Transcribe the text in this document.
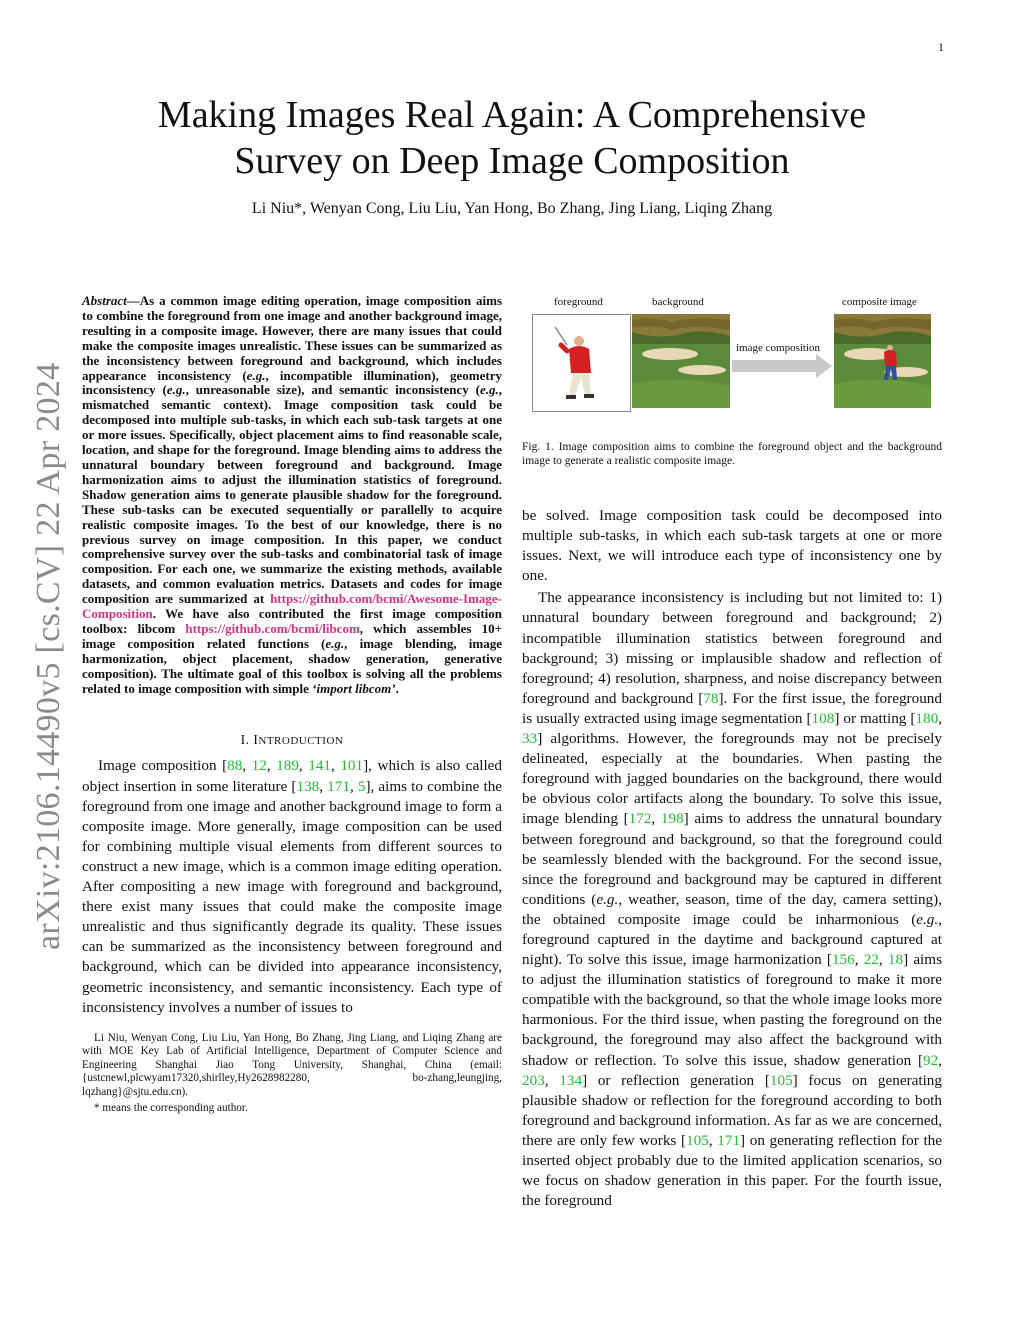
1
arXiv:2106.14490v5 [cs.CV] 22 Apr 2024
Making Images Real Again: A Comprehensive
Survey on Deep Image Composition
Li Niu*, Wenyan Cong, Liu Liu, Yan Hong, Bo Zhang, Jing Liang, Liqing Zhang

Abstract—As a common image editing operation, image composition aims to combine the foreground from one image and another background image, resulting in a composite image. However, there are many issues that could make the composite images unrealistic. These issues can be summarized as the inconsistency between foreground and background, which includes appearance inconsistency (e.g., incompatible illumination), geometry inconsistency (e.g., unreasonable size), and semantic inconsistency (e.g., mismatched semantic context). Image composition task could be decomposed into multiple sub-tasks, in which each sub-task targets at one or more issues. Specifically, object placement aims to find reasonable scale, location, and shape for the foreground. Image blending aims to address the unnatural boundary between foreground and background. Image harmonization aims to adjust the illumination statistics of foreground. Shadow generation aims to generate plausible shadow for the foreground. These sub-tasks can be executed sequentially or parallelly to acquire realistic composite images. To the best of our knowledge, there is no previous survey on image composition. In this paper, we conduct comprehensive survey over the sub-tasks and combinatorial task of image composition. For each one, we summarize the existing methods, available datasets, and common evaluation metrics. Datasets and codes for image composition are summarized at https://github.com/bcmi/Awesome-Image-Composition. We have also contributed the first image composition toolbox: libcom https://github.com/bcmi/libcom, which assembles 10+ image composition related functions (e.g., image blending, image harmonization, object placement, shadow generation, generative composition). The ultimate goal of this toolbox is solving all the problems related to image composition with simple ‘import libcom’.

I. INTRODUCTION

Image composition [88, 12, 189, 141, 101], which is also called object insertion in some literature [138, 171, 5], aims to combine the foreground from one image and another background image to form a composite image. More generally, image composition can be used for combining multiple visual elements from different sources to construct a new image, which is a common image editing operation. After compositing a new image with foreground and background, there exist many issues that could make the composite image unrealistic and thus significantly degrade its quality. These issues can be summarized as the inconsistency between foreground and background, which can be divided into appearance inconsistency, geometric inconsistency, and semantic inconsistency. Each type of inconsistency involves a number of issues to

Li Niu, Wenyan Cong, Liu Liu, Yan Hong, Bo Zhang, Jing Liang, and Liqing Zhang are with MOE Key Lab of Artificial Intelligence, Department of Computer Science and Engineering Shanghai Jiao Tong University, Shanghai, China (email: {ustcnewl,plcwyam17320,shirlley,Hy2628982280, bo-zhang,leungjing, lqzhang}@sjtu.edu.cn).

* means the corresponding author.

foreground	background	composite image
image composition

Fig. 1. Image composition aims to combine the foreground object and the background image to generate a realistic composite image.

be solved. Image composition task could be decomposed into multiple sub-tasks, in which each sub-task targets at one or more issues. Next, we will introduce each type of inconsistency one by one.

The appearance inconsistency is including but not limited to: 1) unnatural boundary between foreground and background; 2) incompatible illumination statistics between foreground and background; 3) missing or implausible shadow and reflection of foreground; 4) resolution, sharpness, and noise discrepancy between foreground and background [78]. For the first issue, the foreground is usually extracted using image segmentation [108] or matting [180, 33] algorithms. However, the foregrounds may not be precisely delineated, especially at the boundaries. When pasting the foreground with jagged boundaries on the background, there would be obvious color artifacts along the boundary. To solve this issue, image blending [172, 198] aims to address the unnatural boundary between foreground and background, so that the foreground could be seamlessly blended with the background. For the second issue, since the foreground and background may be captured in different conditions (e.g., weather, season, time of the day, camera setting), the obtained composite image could be inharmonious (e.g., foreground captured in the daytime and background captured at night). To solve this issue, image harmonization [156, 22, 18] aims to adjust the illumination statistics of foreground to make it more compatible with the background, so that the whole image looks more harmonious. For the third issue, when pasting the foreground on the background, the foreground may also affect the background with shadow or reflection. To solve this issue, shadow generation [92, 203, 134] or reflection generation [105] focus on generating plausible shadow or reflection for the foreground according to both foreground and background information. As far as we are concerned, there are only few works [105, 171] on generating reflection for the inserted object probably due to the limited application scenarios, so we focus on shadow generation in this paper. For the fourth issue, the foreground
